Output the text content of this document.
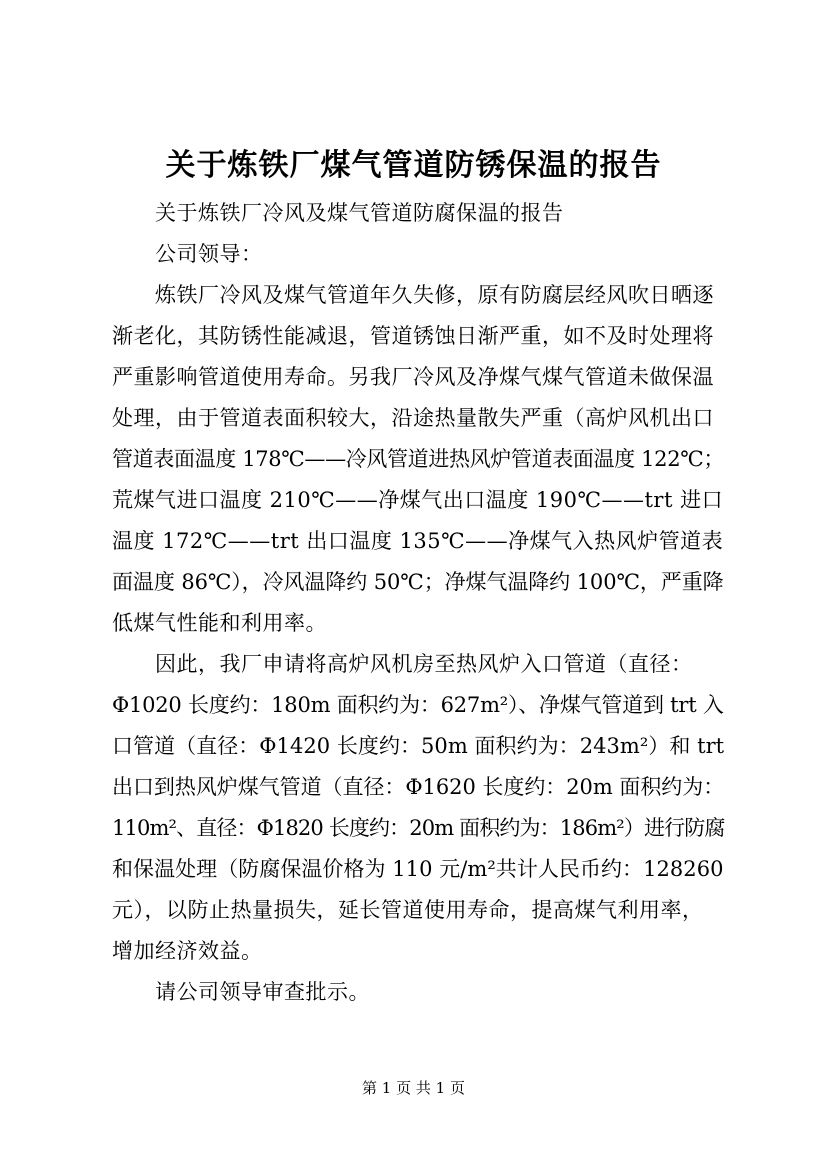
关于炼铁厂煤气管道防锈保温的报告
关于炼铁厂冷风及煤气管道防腐保温的报告
公司领导：
炼铁厂冷风及煤气管道年久失修，原有防腐层经风吹日晒逐
渐老化，其防锈性能减退，管道锈蚀日渐严重，如不及时处理将
严重影响管道使用寿命。另我厂冷风及净煤气煤气管道未做保温
处理，由于管道表面积较大，沿途热量散失严重（高炉风机出口
管道表面温度 178℃——冷风管道进热风炉管道表面温度 122℃；
荒煤气进口温度 210℃——净煤气出口温度 190℃——trt 进口
温度 172℃——trt 出口温度 135℃——净煤气入热风炉管道表
面温度 86℃），冷风温降约 50℃；净煤气温降约 100℃，严重降
低煤气性能和利用率。
因此，我厂申请将高炉风机房至热风炉入口管道（直径：
Φ1020 长度约：180m 面积约为：627m²）、净煤气管道到 trt 入
口管道（直径：Φ1420 长度约：50m 面积约为：243m²）和 trt
出口到热风炉煤气管道（直径：Φ1620 长度约：20m 面积约为：
110m²、直径：Φ1820 长度约：20m 面积约为：186m²）进行防腐
和保温处理（防腐保温价格为 110 元/m²共计人民币约：128260
元），以防止热量损失，延长管道使用寿命，提高煤气利用率，
增加经济效益。
请公司领导审查批示。
第 1 页 共 1 页
